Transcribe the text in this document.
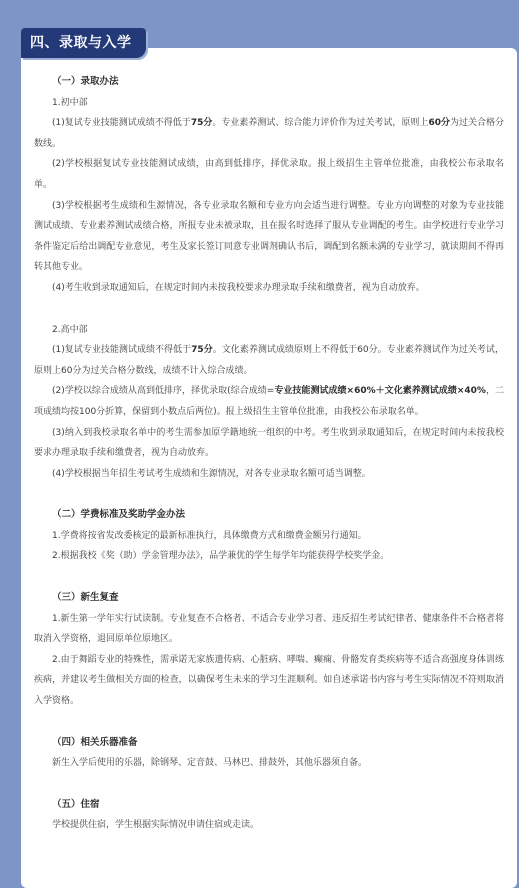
四、录取与入学

（一）录取办法

1.初中部

(1)复试专业技能测试成绩不得低于75分。专业素养测试、综合能力评价作为过关考试，原则上60分为过关合格分数线。

(2)学校根据复试专业技能测试成绩，由高到低排序，择优录取。报上级招生主管单位批准，由我校公布录取名单。

(3)学校根据考生成绩和生源情况，各专业录取名额和专业方向会适当进行调整。专业方向调整的对象为专业技能测试成绩、专业素养测试成绩合格，所报专业未被录取，且在报名时选择了服从专业调配的考生。由学校进行专业学习条件鉴定后给出调配专业意见，考生及家长签订同意专业调剂确认书后，调配到名额未满的专业学习，就读期间不得再转其他专业。

(4)考生收到录取通知后，在规定时间内未按我校要求办理录取手续和缴费者，视为自动放弃。

2.高中部

(1)复试专业技能测试成绩不得低于75分。文化素养测试成绩原则上不得低于60分。专业素养测试作为过关考试，原则上60分为过关合格分数线，成绩不计入综合成绩。

(2)学校以综合成绩从高到低排序，择优录取(综合成绩=专业技能测试成绩×60%＋文化素养测试成绩×40%，二项成绩均按100分折算，保留到小数点后两位)。报上级招生主管单位批准，由我校公布录取名单。

(3)纳入到我校录取名单中的考生需参加原学籍地统一组织的中考。考生收到录取通知后，在规定时间内未按我校要求办理录取手续和缴费者，视为自动放弃。

(4)学校根据当年招生考试考生成绩和生源情况，对各专业录取名额可适当调整。

（二）学费标准及奖助学金办法

1.学费将按省发改委核定的最新标准执行，具体缴费方式和缴费金额另行通知。

2.根据我校《奖（助）学金管理办法》，品学兼优的学生每学年均能获得学校奖学金。

（三）新生复查

1.新生第一学年实行试读制。专业复查不合格者、不适合专业学习者、违反招生考试纪律者、健康条件不合格者将取消入学资格，退回原单位原地区。

2.由于舞蹈专业的特殊性，需承诺无家族遗传病、心脏病、哮喘、癫痫、骨骼发育类疾病等不适合高强度身体训练疾病，并建议考生做相关方面的检查，以确保考生未来的学习生涯顺利。如自述承诺书内容与考生实际情况不符则取消入学资格。

（四）相关乐器准备

新生入学后使用的乐器，除钢琴、定音鼓、马林巴、排鼓外，其他乐器须自备。

（五）住宿

学校提供住宿，学生根据实际情况申请住宿或走读。
